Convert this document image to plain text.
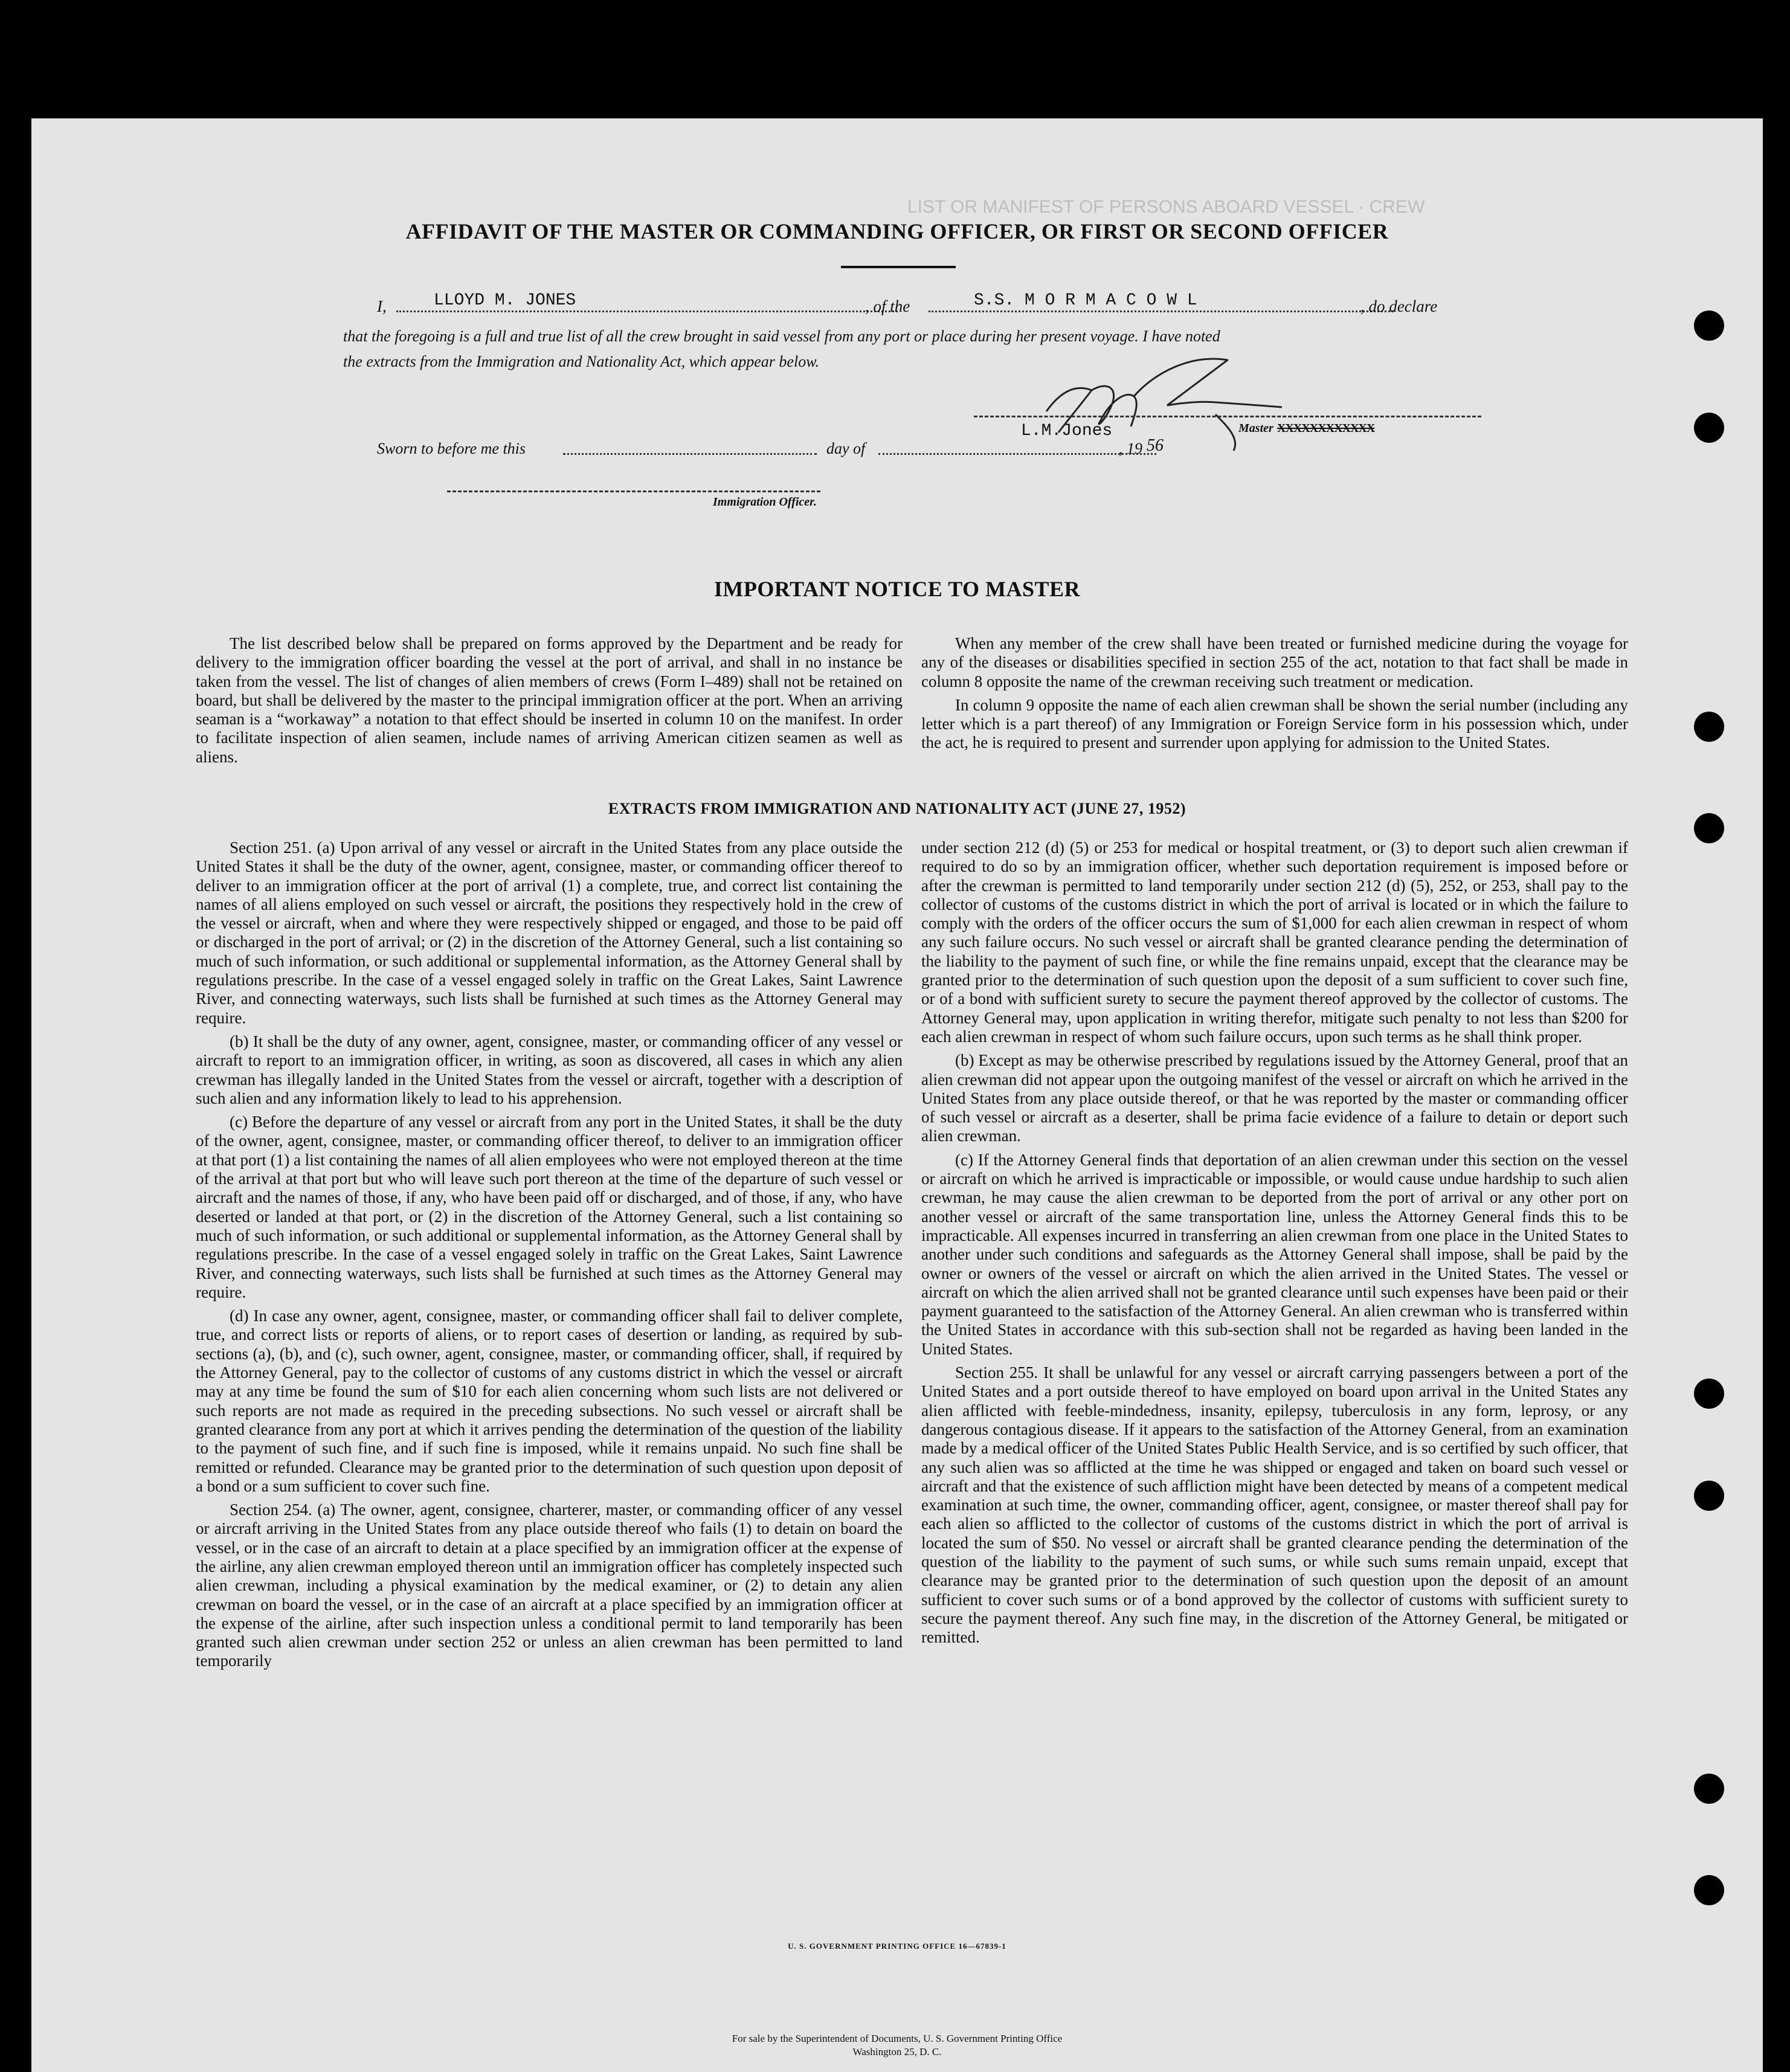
LIST OR MANIFEST OF PERSONS ABOARD VESSEL · CREW
AFFIDAVIT OF THE MASTER OR COMMANDING OFFICER, OR FIRST OR SECOND OFFICER
I,	LLOYD M. JONES	, of the	S.S. M O R M A C O W L	, do declare
that the foregoing is a full and true list of all the crew brought in said vessel from any port or place during her present voyage. I have noted
the extracts from the Immigration and Nationality Act, which appear below.
L.M.Jones	Master XXXXXXXXXXXX
Sworn to before me this	day of	, 19 56
Immigration Officer.
IMPORTANT NOTICE TO MASTER

The list described below shall be prepared on forms approved by the Department and be ready for delivery to the immigration officer boarding the vessel at the port of arrival, and shall in no instance be taken from the vessel. The list of changes of alien members of crews (Form I–489) shall not be retained on board, but shall be delivered by the master to the principal immigration officer at the port. When an arriving seaman is a “workaway” a notation to that effect should be inserted in column 10 on the manifest. In order to facilitate inspection of alien seamen, include names of arriving American citizen seamen as well as aliens.

When any member of the crew shall have been treated or furnished medicine during the voyage for any of the diseases or disabilities specified in section 255 of the act, notation to that fact shall be made in column 8 opposite the name of the crewman receiving such treatment or medication.

In column 9 opposite the name of each alien crewman shall be shown the serial number (including any letter which is a part thereof) of any Immigration or Foreign Service form in his possession which, under the act, he is required to present and surrender upon applying for admission to the United States.

EXTRACTS FROM IMMIGRATION AND NATIONALITY ACT (JUNE 27, 1952)

Section 251. (a) Upon arrival of any vessel or aircraft in the United States from any place outside the United States it shall be the duty of the owner, agent, consignee, master, or commanding officer thereof to deliver to an immigration officer at the port of arrival (1) a complete, true, and correct list containing the names of all aliens employed on such vessel or aircraft, the positions they respectively hold in the crew of the vessel or aircraft, when and where they were respectively shipped or engaged, and those to be paid off or discharged in the port of arrival; or (2) in the discretion of the Attorney General, such a list containing so much of such information, or such additional or supplemental information, as the Attorney General shall by regulations prescribe. In the case of a vessel engaged solely in traffic on the Great Lakes, Saint Lawrence River, and connecting waterways, such lists shall be furnished at such times as the Attorney General may require.

(b) It shall be the duty of any owner, agent, consignee, master, or commanding officer of any vessel or aircraft to report to an immigration officer, in writing, as soon as discovered, all cases in which any alien crewman has illegally landed in the United States from the vessel or aircraft, together with a description of such alien and any information likely to lead to his apprehension.

(c) Before the departure of any vessel or aircraft from any port in the United States, it shall be the duty of the owner, agent, consignee, master, or commanding officer thereof, to deliver to an immigration officer at that port (1) a list containing the names of all alien employees who were not employed thereon at the time of the arrival at that port but who will leave such port thereon at the time of the departure of such vessel or aircraft and the names of those, if any, who have been paid off or discharged, and of those, if any, who have deserted or landed at that port, or (2) in the discretion of the Attorney General, such a list containing so much of such information, or such additional or supplemental information, as the Attorney General shall by regulations prescribe. In the case of a vessel engaged solely in traffic on the Great Lakes, Saint Lawrence River, and connecting waterways, such lists shall be furnished at such times as the Attorney General may require.

(d) In case any owner, agent, consignee, master, or commanding officer shall fail to deliver complete, true, and correct lists or reports of aliens, or to report cases of desertion or landing, as required by sub-sections (a), (b), and (c), such owner, agent, consignee, master, or commanding officer, shall, if required by the Attorney General, pay to the collector of customs of any customs district in which the vessel or aircraft may at any time be found the sum of $10 for each alien concerning whom such lists are not delivered or such reports are not made as required in the preceding subsections. No such vessel or aircraft shall be granted clearance from any port at which it arrives pending the determination of the question of the liability to the payment of such fine, and if such fine is imposed, while it remains unpaid. No such fine shall be remitted or refunded. Clearance may be granted prior to the determination of such question upon deposit of a bond or a sum sufficient to cover such fine.

Section 254. (a) The owner, agent, consignee, charterer, master, or commanding officer of any vessel or aircraft arriving in the United States from any place outside thereof who fails (1) to detain on board the vessel, or in the case of an aircraft to detain at a place specified by an immigration officer at the expense of the airline, any alien crewman employed thereon until an immigration officer has completely inspected such alien crewman, including a physical examination by the medical examiner, or (2) to detain any alien crewman on board the vessel, or in the case of an aircraft at a place specified by an immigration officer at the expense of the airline, after such inspection unless a conditional permit to land temporarily has been granted such alien crewman under section 252 or unless an alien crewman has been permitted to land temporarily

under section 212 (d) (5) or 253 for medical or hospital treatment, or (3) to deport such alien crewman if required to do so by an immigration officer, whether such deportation requirement is imposed before or after the crewman is permitted to land temporarily under section 212 (d) (5), 252, or 253, shall pay to the collector of customs of the customs district in which the port of arrival is located or in which the failure to comply with the orders of the officer occurs the sum of $1,000 for each alien crewman in respect of whom any such failure occurs. No such vessel or aircraft shall be granted clearance pending the determination of the liability to the payment of such fine, or while the fine remains unpaid, except that the clearance may be granted prior to the determination of such question upon the deposit of a sum sufficient to cover such fine, or of a bond with sufficient surety to secure the payment thereof approved by the collector of customs. The Attorney General may, upon application in writing therefor, mitigate such penalty to not less than $200 for each alien crewman in respect of whom such failure occurs, upon such terms as he shall think proper.

(b) Except as may be otherwise prescribed by regulations issued by the Attorney General, proof that an alien crewman did not appear upon the outgoing manifest of the vessel or aircraft on which he arrived in the United States from any place outside thereof, or that he was reported by the master or commanding officer of such vessel or aircraft as a deserter, shall be prima facie evidence of a failure to detain or deport such alien crewman.

(c) If the Attorney General finds that deportation of an alien crewman under this section on the vessel or aircraft on which he arrived is impracticable or impossible, or would cause undue hardship to such alien crewman, he may cause the alien crewman to be deported from the port of arrival or any other port on another vessel or aircraft of the same transportation line, unless the Attorney General finds this to be impracticable. All expenses incurred in transferring an alien crewman from one place in the United States to another under such conditions and safeguards as the Attorney General shall impose, shall be paid by the owner or owners of the vessel or aircraft on which the alien arrived in the United States. The vessel or aircraft on which the alien arrived shall not be granted clearance until such expenses have been paid or their payment guaranteed to the satisfaction of the Attorney General. An alien crewman who is transferred within the United States in accordance with this sub-section shall not be regarded as having been landed in the United States.

Section 255. It shall be unlawful for any vessel or aircraft carrying passengers between a port of the United States and a port outside thereof to have employed on board upon arrival in the United States any alien afflicted with feeble-mindedness, insanity, epilepsy, tuberculosis in any form, leprosy, or any dangerous contagious disease. If it appears to the satisfaction of the Attorney General, from an examination made by a medical officer of the United States Public Health Service, and is so certified by such officer, that any such alien was so afflicted at the time he was shipped or engaged and taken on board such vessel or aircraft and that the existence of such affliction might have been detected by means of a competent medical examination at such time, the owner, commanding officer, agent, consignee, or master thereof shall pay for each alien so afflicted to the collector of customs of the customs district in which the port of arrival is located the sum of $50. No vessel or aircraft shall be granted clearance pending the determination of the question of the liability to the payment of such sums, or while such sums remain unpaid, except that clearance may be granted prior to the determination of such question upon the deposit of an amount sufficient to cover such sums or of a bond approved by the collector of customs with sufficient surety to secure the payment thereof. Any such fine may, in the discretion of the Attorney General, be mitigated or remitted.

U. S. GOVERNMENT PRINTING OFFICE 16—67839-1
For sale by the Superintendent of Documents, U. S. Government Printing Office
Washington 25, D. C.
